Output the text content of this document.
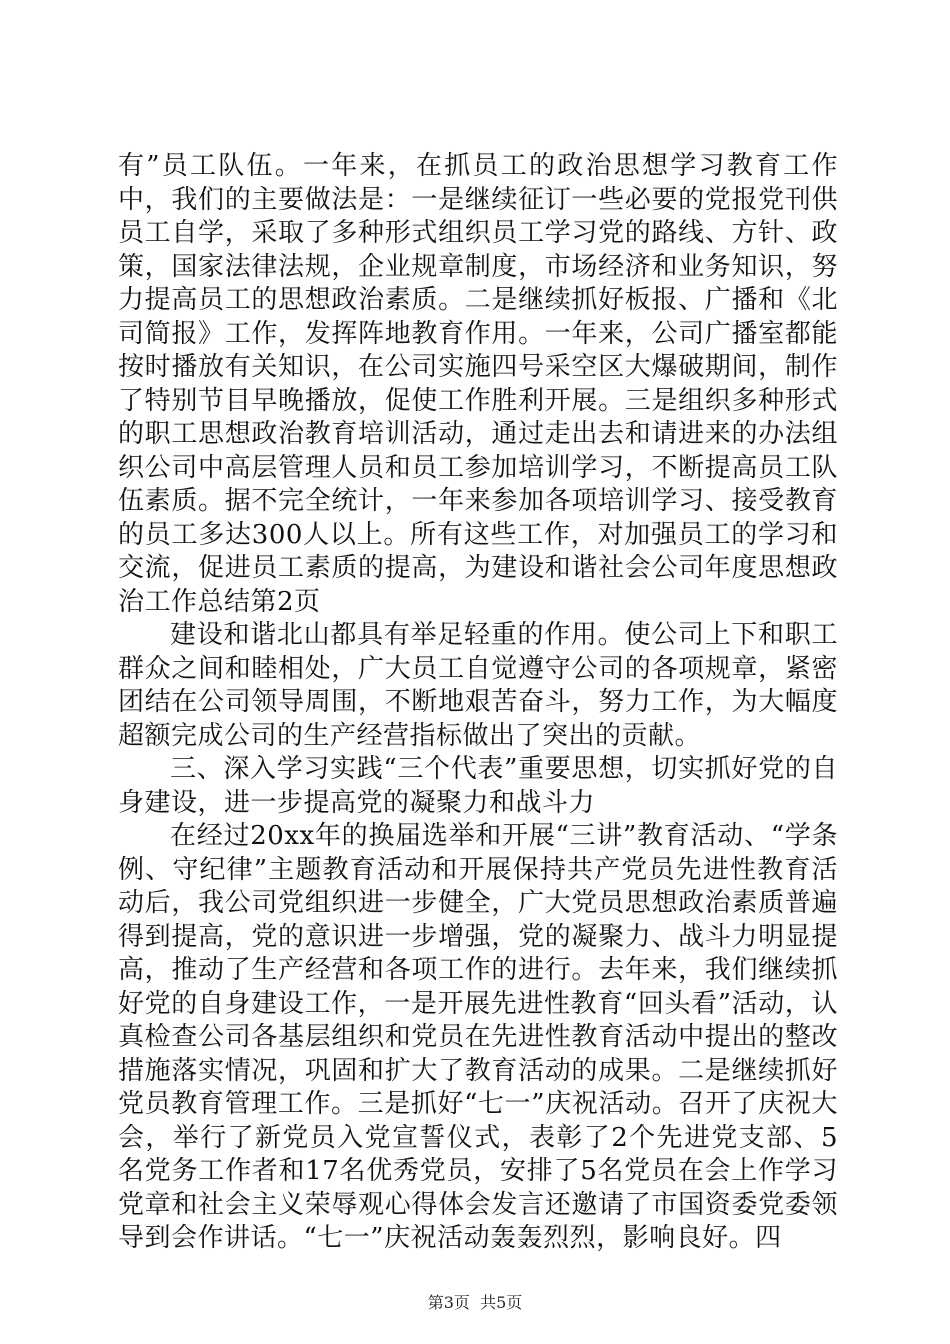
有”员工队伍。一年来，在抓员工的政治思想学习教育工作中，我们的主要做法是：一是继续征订一些必要的党报党刊供员工自学，采取了多种形式组织员工学习党的路线、方针、政策，国家法律法规，企业规章制度，市场经济和业务知识，努力提高员工的思想政治素质。二是继续抓好板报、广播和《北司简报》工作，发挥阵地教育作用。一年来，公司广播室都能按时播放有关知识，在公司实施四号采空区大爆破期间，制作了特别节目早晚播放，促使工作胜利开展。三是组织多种形式的职工思想政治教育培训活动，通过走出去和请进来的办法组织公司中高层管理人员和员工参加培训学习，不断提高员工队伍素质。据不完全统计，一年来参加各项培训学习、接受教育的员工多达300人以上。所有这些工作，对加强员工的学习和交流，促进员工素质的提高，为建设和谐社会公司年度思想政治工作总结第2页

建设和谐北山都具有举足轻重的作用。使公司上下和职工群众之间和睦相处，广大员工自觉遵守公司的各项规章，紧密团结在公司领导周围，不断地艰苦奋斗，努力工作，为大幅度超额完成公司的生产经营指标做出了突出的贡献。

三、深入学习实践“三个代表”重要思想，切实抓好党的自身建设，进一步提高党的凝聚力和战斗力

在经过20xx年的换届选举和开展“三讲”教育活动、“学条例、守纪律”主题教育活动和开展保持共产党员先进性教育活动后，我公司党组织进一步健全，广大党员思想政治素质普遍得到提高，党的意识进一步增强，党的凝聚力、战斗力明显提高，推动了生产经营和各项工作的进行。去年来，我们继续抓好党的自身建设工作，一是开展先进性教育“回头看”活动，认真检查公司各基层组织和党员在先进性教育活动中提出的整改措施落实情况，巩固和扩大了教育活动的成果。二是继续抓好党员教育管理工作。三是抓好“七一”庆祝活动。召开了庆祝大会，举行了新党员入党宣誓仪式，表彰了2个先进党支部、5名党务工作者和17名优秀党员，安排了5名党员在会上作学习党章和社会主义荣辱观心得体会发言还邀请了市国资委党委领导到会作讲话。“七一”庆祝活动轰轰烈烈，影响良好。四

第3页  共5页
